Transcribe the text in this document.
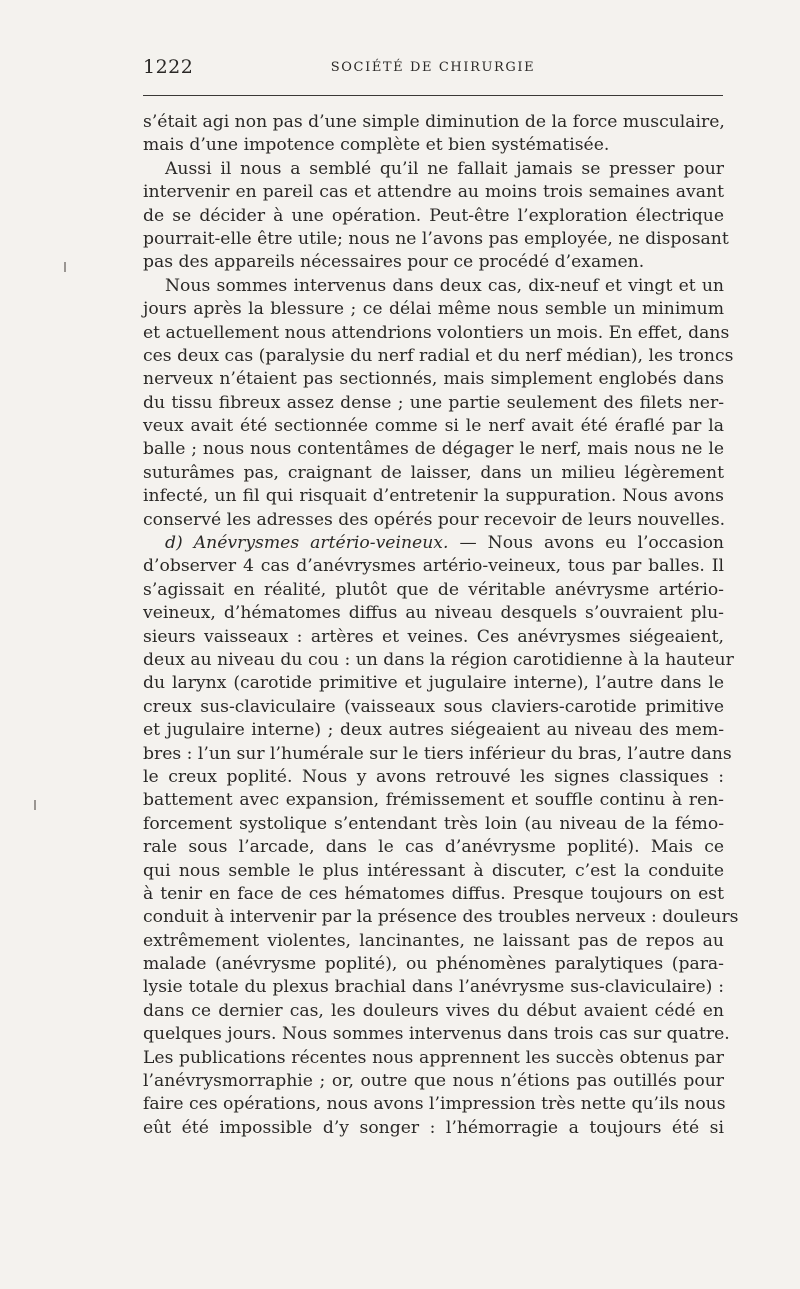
1222	SOCIÉTÉ DE CHIRURGIE
s’était agi non pas d’une simple diminution de la force musculaire,
mais d’une impotence complète et bien systématisée.
Aussi il nous a semblé qu’il ne fallait jamais se presser pour
intervenir en pareil cas et attendre au moins trois semaines avant
de se décider à une opération. Peut-être l’exploration électrique
pourrait-elle être utile; nous ne l’avons pas employée, ne disposant
pas des appareils nécessaires pour ce procédé d’examen.
Nous sommes intervenus dans deux cas, dix-neuf et vingt et un
jours après la blessure ; ce délai même nous semble un minimum
et actuellement nous attendrions volontiers un mois. En effet, dans
ces deux cas (paralysie du nerf radial et du nerf médian), les troncs
nerveux n’étaient pas sectionnés, mais simplement englobés dans
du tissu fibreux assez dense ; une partie seulement des filets ner-
veux avait été sectionnée comme si le nerf avait été éraflé par la
balle ; nous nous contentâmes de dégager le nerf, mais nous ne le
suturâmes pas, craignant de laisser, dans un milieu légèrement
infecté, un fil qui risquait d’entretenir la suppuration. Nous avons
conservé les adresses des opérés pour recevoir de leurs nouvelles.
d) Anévrysmes artério-veineux. — Nous avons eu l’occasion
d’observer 4 cas d’anévrysmes artério-veineux, tous par balles. Il
s’agissait en réalité, plutôt que de véritable anévrysme artério-
veineux, d’hématomes diffus au niveau desquels s’ouvraient plu-
sieurs vaisseaux : artères et veines. Ces anévrysmes siégeaient,
deux au niveau du cou : un dans la région carotidienne à la hauteur
du larynx (carotide primitive et jugulaire interne), l’autre dans le
creux sus-claviculaire (vaisseaux sous claviers-carotide primitive
et jugulaire interne) ; deux autres siégeaient au niveau des mem-
bres : l’un sur l’humérale sur le tiers inférieur du bras, l’autre dans
le creux poplité. Nous y avons retrouvé les signes classiques :
battement avec expansion, frémissement et souffle continu à ren-
forcement systolique s’entendant très loin (au niveau de la fémo-
rale sous l’arcade, dans le cas d’anévrysme poplité). Mais ce
qui nous semble le plus intéressant à discuter, c’est la conduite
à tenir en face de ces hématomes diffus. Presque toujours on est
conduit à intervenir par la présence des troubles nerveux : douleurs
extrêmement violentes, lancinantes, ne laissant pas de repos au
malade (anévrysme poplité), ou phénomènes paralytiques (para-
lysie totale du plexus brachial dans l’anévrysme sus-claviculaire) :
dans ce dernier cas, les douleurs vives du début avaient cédé en
quelques jours. Nous sommes intervenus dans trois cas sur quatre.
Les publications récentes nous apprennent les succès obtenus par
l’anévrysmorraphie ; or, outre que nous n’étions pas outillés pour
faire ces opérations, nous avons l’impression très nette qu’ils nous
eût été impossible d’y songer : l’hémorragie a toujours été si
